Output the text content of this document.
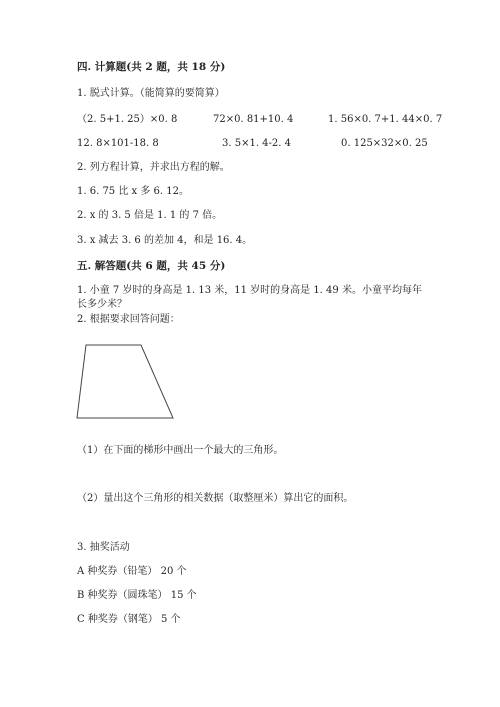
四. 计算题(共 2 题，共 18 分)
1. 脱式计算。（能简算的要简算）
（2. 5+1. 25）×0. 8	72×0. 81+10. 4	1. 56×0. 7+1. 44×0. 7
12. 8×101-18. 8	3. 5×1. 4-2. 4	0. 125×32×0. 25
2. 列方程计算，并求出方程的解。
1. 6. 75 比 x 多 6. 12。
2. x 的 3. 5 倍是 1. 1 的 7 倍。
3. x 减去 3. 6 的差加 4，和是 16. 4。
五. 解答题(共 6 题，共 45 分)
1. 小童 7 岁时的身高是 1. 13 米，11 岁时的身高是 1. 49 米。小童平均每年长多少米？
2. 根据要求回答问题：
（1）在下面的梯形中画出一个最大的三角形。
（2）量出这个三角形的相关数据（取整厘米）算出它的面积。
3. 抽奖活动
A 种奖券（铅笔） 20 个
B 种奖券（圆珠笔） 15 个
C 种奖券（钢笔） 5 个
